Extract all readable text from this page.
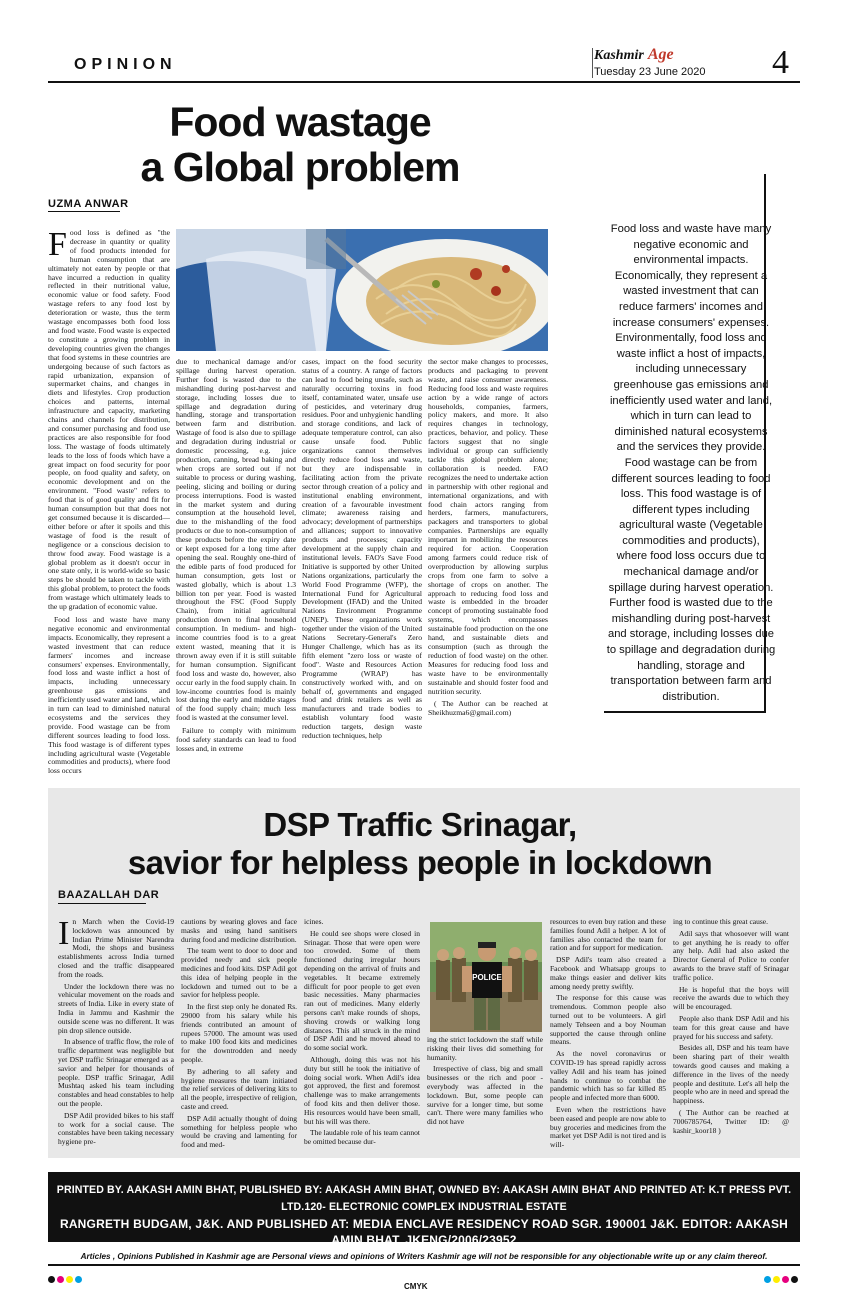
OPINION
Kashmir Age
Tuesday 23 June 2020 4
Food wastage
a Global problem
UZMA ANWAR

Food loss is defined as "the decrease in quantity or quality of food products intended for human consumption that are ultimately not eaten by people or that have incurred a reduction in quality reflected in their nutritional value, economic value or food safety. Food wastage refers to any food lost by deterioration or waste, thus the term wastage encompasses both food loss and food waste. Food waste is expected to constitute a growing problem in developing countries given the changes that food systems in these countries are undergoing because of such factors as rapid urbanization, expansion of supermarket chains, and changes in diets and lifestyles. Crop production choices and patterns, internal infrastructure and capacity, marketing chains and channels for distribution, and consumer purchasing and food use practices are also responsible for food loss. The wastage of foods ultimately leads to the loss of foods which have a great impact on food security for poor people, on food quality and safety, on economic development and on the environment. "Food waste" refers to food that is of good quality and fit for human consumption but that does not get consumed because it is discarded—either before or after it spoils and this wastage of food is the result of negligence or a conscious decision to throw food away. Food wastage is a global problem as it doesn't occur in one state only, it is world-wide so basic steps be should be taken to tackle with this global problem, to protect the foods from wastage which ultimately leads to the up gradation of economic value.

Food loss and waste have many negative economic and environmental impacts. Economically, they represent a wasted investment that can reduce farmers' incomes and increase consumers' expenses. Environmentally, food loss and waste inflict a host of impacts, including unnecessary greenhouse gas emissions and inefficiently used water and land, which in turn can lead to diminished natural ecosystems and the services they provide. Food wastage can be from different sources leading to food loss. This food wastage is of different types including agricultural waste (Vegetable commodities and products), where food loss occurs

due to mechanical damage and/or spillage during harvest operation. Further food is wasted due to the mishandling during post-harvest and storage, including losses due to spillage and degradation during handling, storage and transportation between farm and distribution. Wastage of food is also due to spillage and degradation during industrial or domestic processing, e.g. juice production, canning, bread baking and when crops are sorted out if not suitable to process or during washing, peeling, slicing and boiling or during process interruptions. Food is wasted in the market system and during consumption at the household level, due to the mishandling of the food products or due to non-consumption of these products before the expiry date or kept exposed for a long time after opening the seal. Roughly one-third of the edible parts of food produced for human consumption, gets lost or wasted globally, which is about 1.3 billion ton per year. Food is wasted throughout the FSC (Food Supply Chain), from initial agricultural production down to final household consumption. In medium- and high-income countries food is to a great extent wasted, meaning that it is thrown away even if it is still suitable for human consumption. Significant food loss and waste do, however, also occur early in the food supply chain. In low-income countries food is mainly lost during the early and middle stages of the food supply chain; much less food is wasted at the consumer level.

Failure to comply with minimum food safety standards can lead to food losses and, in extreme

cases, impact on the food security status of a country. A range of factors can lead to food being unsafe, such as naturally occurring toxins in food itself, contaminated water, unsafe use of pesticides, and veterinary drug residues. Poor and unhygienic handling and storage conditions, and lack of adequate temperature control, can also cause unsafe food. Public organizations cannot themselves directly reduce food loss and waste, but they are indispensable in facilitating action from the private sector through creation of a policy and institutional enabling environment, creation of a favourable investment climate; awareness raising and advocacy; development of partnerships and alliances; support to innovative products and processes; capacity development at the supply chain and institutional levels. FAO's Save Food Initiative is supported by other United Nations organizations, particularly the World Food Programme (WFP), the International Fund for Agricultural Development (IFAD) and the United Nations Environment Programme (UNEP). These organizations work together under the vision of the United Nations Secretary-General's Zero Hunger Challenge, which has as its fifth element "zero loss or waste of food". Waste and Resources Action Programme (WRAP) has constructively worked with, and on behalf of, governments and engaged food and drink retailers as well as manufacturers and trade bodies to establish voluntary food waste reduction targets, design waste reduction techniques, help

the sector make changes to processes, products and packaging to prevent waste, and raise consumer awareness. Reducing food loss and waste requires action by a wide range of actors households, companies, farmers, policy makers, and more. It also requires changes in technology, practices, behavior, and policy. These factors suggest that no single individual or group can sufficiently tackle this global problem alone; collaboration is needed. FAO recognizes the need to undertake action in partnership with other regional and international organizations, and with food chain actors ranging from herders, farmers, manufacturers, packagers and transporters to global companies. Partnerships are equally important in mobilizing the resources required for action. Cooperation among farmers could reduce risk of overproduction by allowing surplus crops from one farm to solve a shortage of crops on another. The approach to reducing food loss and waste is embedded in the broader concept of promoting sustainable food systems, which encompasses sustainable food production on the one hand, and sustainable diets and consumption (such as through the reduction of food waste) on the other. Measures for reducing food loss and waste have to be environmentally sustainable and should foster food and nutrition security.

( The Author can be reached at Sheikhuzma6@gmail.com)

Food loss and waste have many negative economic and environmental impacts. Economically, they represent a wasted investment that can reduce farmers' incomes and increase consumers' expenses. Environmentally, food loss and waste inflict a host of impacts, including unnecessary greenhouse gas emissions and inefficiently used water and land, which in turn can lead to diminished natural ecosystems and the services they provide. Food wastage can be from different sources leading to food loss. This food wastage is of different types including agricultural waste (Vegetable commodities and products), where food loss occurs due to mechanical damage and/or spillage during harvest operation. Further food is wasted due to the mishandling during post-harvest and storage, including losses due to spillage and degradation during handling, storage and transportation between farm and distribution.
DSP Traffic Srinagar,
savior for helpless people in lockdown
BAAZALLAH DAR

In March when the Covid-19 lockdown was announced by Indian Prime Minister Narendra Modi, the shops and business establishments across India turned closed and the traffic disappeared from the roads.

Under the lockdown there was no vehicular movement on the roads and streets of India. Like in every state of India in Jammu and Kashmir the outside scene was no different. It was pin drop silence outside.

In absence of traffic flow, the role of traffic department was negligible but yet DSP traffic Srinagar emerged as a savior and helper for thousands of people. DSP traffic Srinagar, Adil Mushtaq asked his team including constables and head constables to help out the people.

DSP Adil provided bikes to his staff to work for a social cause. The constables have been taking necessary hygiene pre-

cautions by wearing gloves and face masks and using hand sanitisers during food and medicine distribution.

The team went to door to door and provided needy and sick people medicines and food kits. DSP Adil got this idea of helping people in the lockdown and turned out to be a savior for helpless people.

In the first step only he donated Rs. 29000 from his salary while his friends contributed an amount of rupees 57000. The amount was used to make 100 food kits and medicines for the downtrodden and needy people.

By adhering to all safety and hygiene measures the team initiated the relief services of delivering kits to all the people, irrespective of religion, caste and creed.

DSP Adil actually thought of doing something for helpless people who would be craving and lamenting for food and med-

icines.

He could see shops were closed in Srinagar. Those that were open were too crowded. Some of them functioned during irregular hours depending on the arrival of fruits and vegetables. It became extremely difficult for poor people to get even basic necessities. Many pharmacies ran out of medicines. Many elderly persons can't make rounds of shops, shoving crowds or walking long distances. This all struck in the mind of DSP Adil and he moved ahead to do some social work.

Although, doing this was not his duty but still he took the initiative of doing social work. When Adil's idea got approved, the first and foremost challenge was to make arrangements of food kits and then deliver those. His resources would have been small, but his will was there.

The laudable role of his team cannot be omitted because dur-

POLICE

ing the strict lockdown the staff while risking their lives did something for humanity.

Irrespective of class, big and small businesses or the rich and poor - everybody was affected in the lockdown. But, some people can survive for a longer time, but some can't. There were many families who did not have

resources to even buy ration and these families found Adil a helper. A lot of families also contacted the team for ration and for support for medication.

DSP Adil's team also created a Facebook and Whatsapp groups to make things easier and deliver kits among needy pretty swiftly.

The response for this cause was tremendous. Common people also turned out to be volunteers. A girl namely Tehseen and a boy Nouman supported the cause through online means.

As the novel coronavirus or COVID-19 has spread rapidly across valley Adil and his team has joined hands to continue to combat the pandemic which has so far killed 85 people and infected more than 6000.

Even when the restrictions have been eased and people are now able to buy groceries and medicines from the market yet DSP Adil is not tired and is will-

ing to continue this great cause.

Adil says that whosoever will want to get anything he is ready to offer any help. Adil had also asked the Director General of Police to confer awards to the brave staff of Srinagar traffic police.

He is hopeful that the boys will receive the awards due to which they will be encouraged.

People also thank DSP Adil and his team for this great cause and have prayed for his success and safety.

Besides all, DSP and his team have been sharing part of their wealth towards good causes and making a difference in the lives of the needy people and destitute. Let's all help the people who are in need and spread the happiness.

( The Author can be reached at 7006785764, Twitter ID: @ kashir_koor18 )

PRINTED BY. AAKASH AMIN BHAT, PUBLISHED BY: AAKASH AMIN BHAT, OWNED BY: AAKASH AMIN BHAT AND PRINTED AT: K.T PRESS PVT. LTD.120- ELECTRONIC COMPLEX INDUSTRIAL ESTATE
RANGRETH BUDGAM, J&K. AND PUBLISHED AT: MEDIA ENCLAVE RESIDENCY ROAD SGR. 190001 J&K. EDITOR: AAKASH AMIN BHAT, JKENG/2006/23952
Articles , Opinions Published in Kashmir age are Personal views and opinions of Writers Kashmir age will not be responsible for any objectionable write up or any claim thereof.
CMYK
